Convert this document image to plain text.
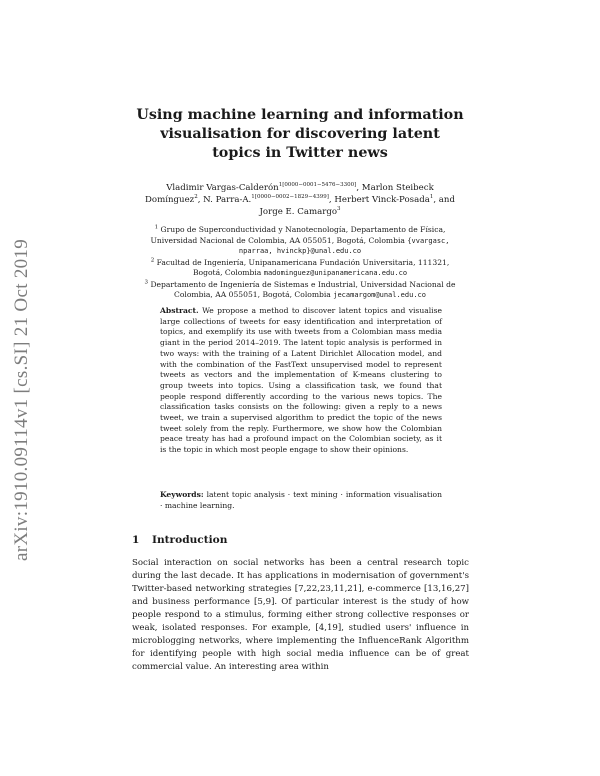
arXiv:1910.09114v1 [cs.SI] 21 Oct 2019
Using machine learning and information visualisation for discovering latent topics in Twitter news
Vladimir Vargas-Calderón$^{1[0000-0001-5476-3300]}$, Marlon Steibeck Domínguez$^2$, N. Parra-A.$^{1[0000-0002-1829-4399]}$, Herbert Vinck-Posada$^1$, and Jorge E. Camargo$^3$
$^1$ Grupo de Superconductividad y Nanotecnología, Departamento de Física, Universidad Nacional de Colombia, AA 055051, Bogotá, Colombia {vvargasc, nparraa, hvinckp}@unal.edu.co
$^2$ Facultad de Ingeniería, Unipanamericana Fundación Universitaria, 111321, Bogotá, Colombia madominguez@unipanamericana.edu.co
$^3$ Departamento de Ingeniería de Sistemas e Industrial, Universidad Nacional de Colombia, AA 055051, Bogotá, Colombia jecamargom@unal.edu.co
Abstract. We propose a method to discover latent topics and visualise large collections of tweets for easy identification and interpretation of topics, and exemplify its use with tweets from a Colombian mass media giant in the period 2014–2019. The latent topic analysis is performed in two ways: with the training of a Latent Dirichlet Allocation model, and with the combination of the FastText unsupervised model to represent tweets as vectors and the implementation of K-means clustering to group tweets into topics. Using a classification task, we found that people respond differently according to the various news topics. The classification tasks consists on the following: given a reply to a news tweet, we train a supervised algorithm to predict the topic of the news tweet solely from the reply. Furthermore, we show how the Colombian peace treaty has had a profound impact on the Colombian society, as it is the topic in which most people engage to show their opinions.
Keywords: latent topic analysis · text mining · information visualisation · machine learning.
1 Introduction
Social interaction on social networks has been a central research topic during the last decade. It has applications in modernisation of government's Twitter-based networking strategies [7,22,23,11,21], e-commerce [13,16,27] and business performance [5,9]. Of particular interest is the study of how people respond to a stimulus, forming either strong collective responses or weak, isolated responses. For example, [4,19], studied users' influence in microblogging networks, where implementing the InfluenceRank Algorithm for identifying people with high social media influence can be of great commercial value. An interesting area within
